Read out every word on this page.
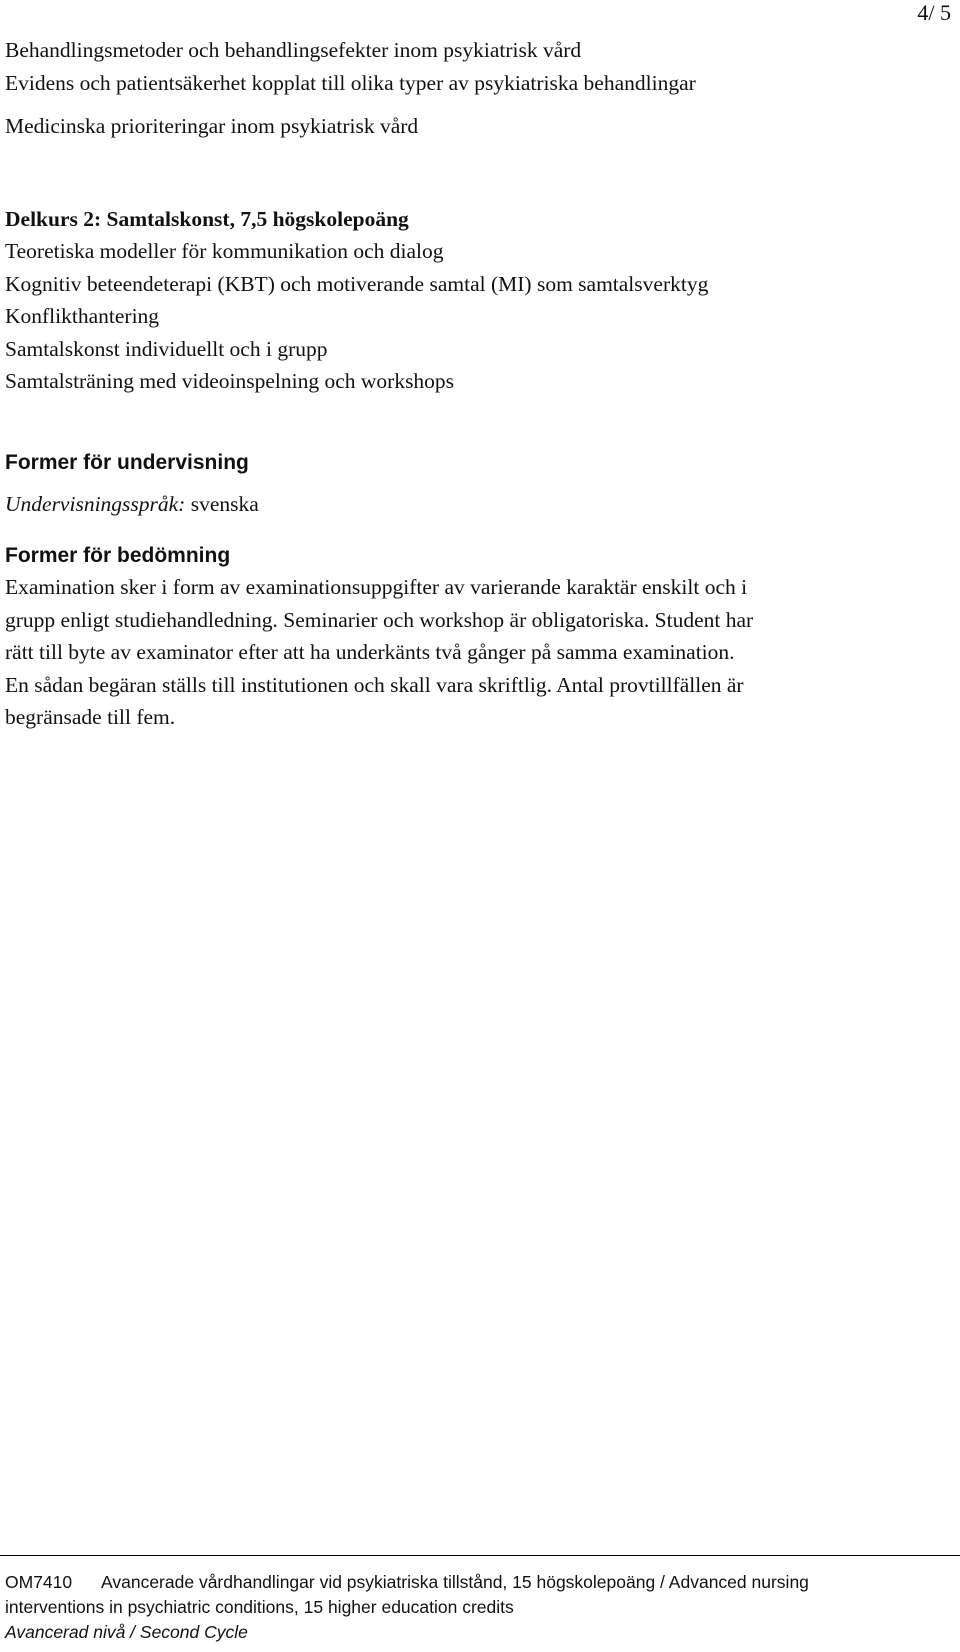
4/ 5
Behandlingsmetoder och behandlingsefekter inom psykiatrisk vård
Evidens och patientsäkerhet kopplat till olika typer av psykiatriska behandlingar
Medicinska prioriteringar inom psykiatrisk vård
Delkurs 2: Samtalskonst, 7,5 högskolepoäng
Teoretiska modeller för kommunikation och dialog
Kognitiv beteendeterapi (KBT) och motiverande samtal (MI) som samtalsverktyg
Konflikthantering
Samtalskonst individuellt och i grupp
Samtalsträning med videoinspelning och workshops
Former för undervisning
Undervisningsspråk: svenska
Former för bedömning
Examination sker i form av examinationsuppgifter av varierande karaktär enskilt och i
grupp enligt studiehandledning. Seminarier och workshop är obligatoriska. Student har
rätt till byte av examinator efter att ha underkänts två gånger på samma examination.
En sådan begäran ställs till institutionen och skall vara skriftlig. Antal provtillfällen är
begränsade till fem.
OM7410 Avancerade vårdhandlingar vid psykiatriska tillstånd, 15 högskolepoäng / Advanced nursing
interventions in psychiatric conditions, 15 higher education credits
Avancerad nivå / Second Cycle
